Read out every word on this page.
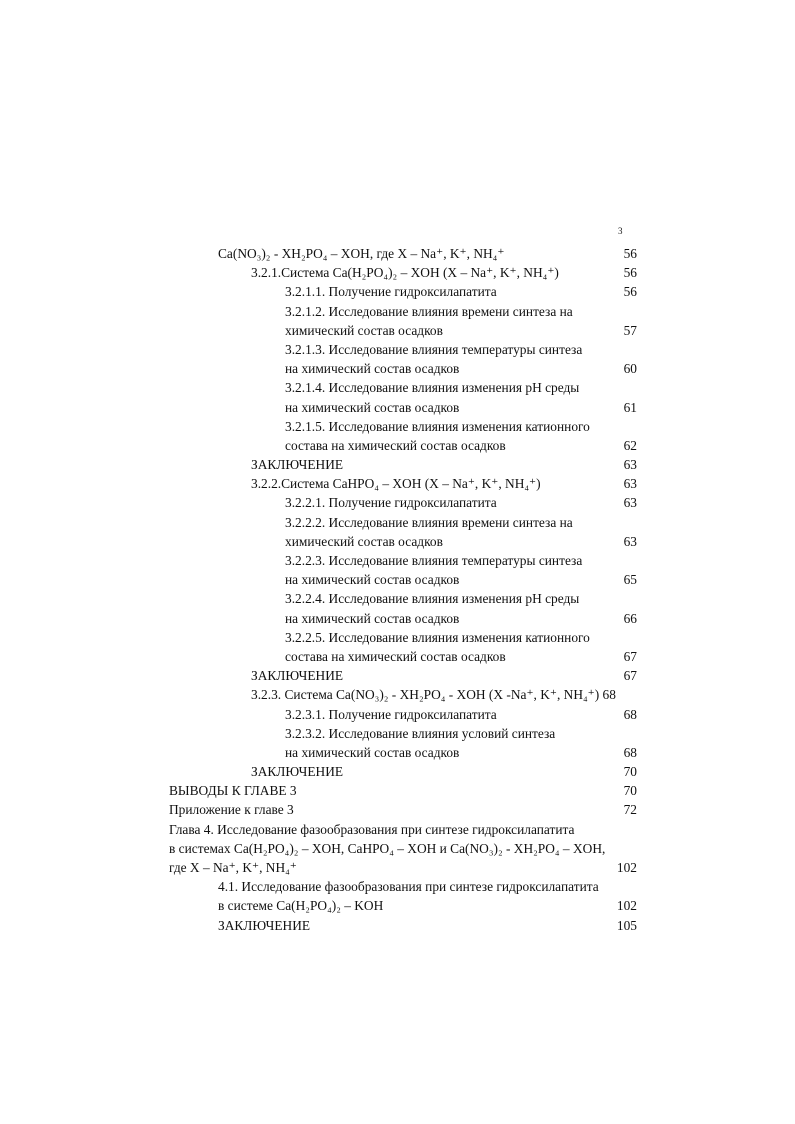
3
Ca(NO₃)₂ - XH₂PO₄ – XOH, где X – Na⁺, K⁺, NH₄⁺	56
3.2.1.Система Ca(H₂PO₄)₂ – XOH (X – Na⁺, K⁺, NH₄⁺)	56
3.2.1.1. Получение гидроксилапатита	56
3.2.1.2. Исследование влияния времени синтеза на
химический состав осадков	57
3.2.1.3. Исследование влияния температуры синтеза
на химический состав осадков	60
3.2.1.4. Исследование влияния изменения pH среды
на химический состав осадков	61
3.2.1.5. Исследование влияния изменения катионного
состава на химический состав осадков	62
ЗАКЛЮЧЕНИЕ	63
3.2.2.Система CaHPO₄ – XOH (X – Na⁺, K⁺, NH₄⁺)	63
3.2.2.1. Получение гидроксилапатита	63
3.2.2.2. Исследование влияния времени синтеза на
химический состав осадков	63
3.2.2.3. Исследование влияния температуры синтеза
на химический состав осадков	65
3.2.2.4. Исследование влияния изменения pH среды
на химический состав осадков	66
3.2.2.5. Исследование влияния изменения катионного
состава на химический состав осадков	67
ЗАКЛЮЧЕНИЕ	67
3.2.3. Система Ca(NO₃)₂ - XH₂PO₄ - XOH (X -Na⁺, K⁺, NH₄⁺) 68
3.2.3.1. Получение гидроксилапатита	68
3.2.3.2. Исследование влияния условий синтеза
на химический состав осадков	68
ЗАКЛЮЧЕНИЕ	70
ВЫВОДЫ К ГЛАВЕ 3	70
Приложение к главе 3	72
Глава 4. Исследование фазообразования при синтезе гидроксилапатита
в системах Ca(H₂PO₄)₂ – XOH, CaHPO₄ – XOH и Ca(NO₃)₂ - XH₂PO₄ – XOH,
где X – Na⁺, K⁺, NH₄⁺	102
4.1. Исследование фазообразования при синтезе гидроксилапатита
в системе Ca(H₂PO₄)₂ – KOH	102
ЗАКЛЮЧЕНИЕ	105
